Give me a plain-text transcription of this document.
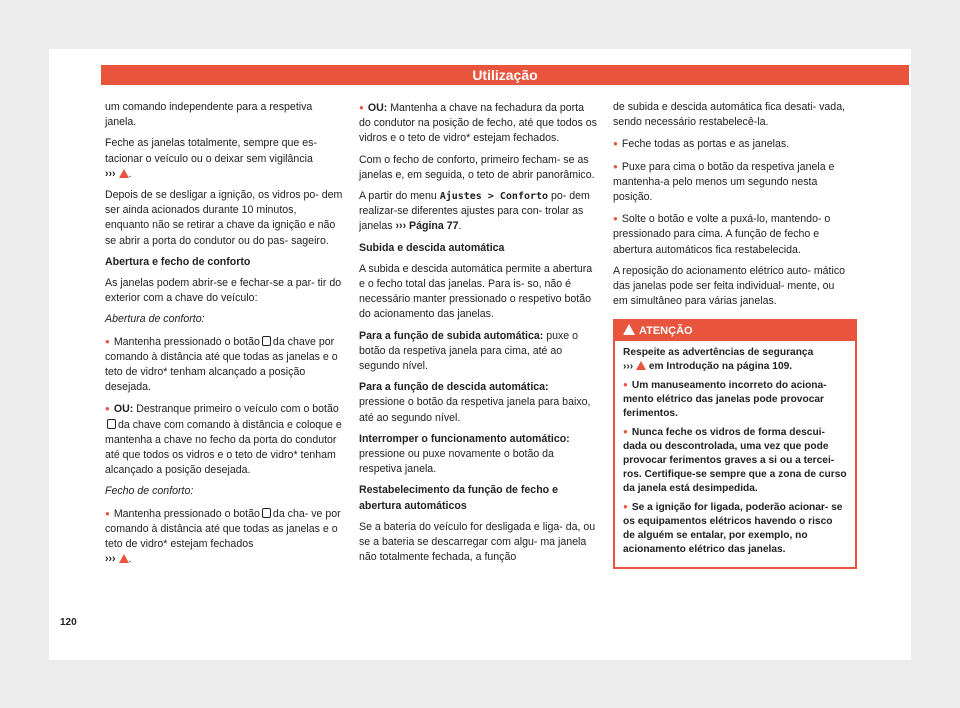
Utilização

um comando independente para a respetiva janela.

Feche as janelas totalmente, sempre que es- tacionar o veículo ou o deixar sem vigilância
››› .

Depois de se desligar a ignição, os vidros po- dem ser ainda acionados durante 10 minutos, enquanto não se retirar a chave da ignição e não se abrir a porta do condutor ou do pas- sageiro.

Abertura e fecho de conforto

As janelas podem abrir-se e fechar-se a par- tir do exterior com a chave do veículo:

Abertura de conforto:

● Mantenha pressionado o botão da chave por comando à distância até que todas as janelas e o teto de vidro* tenham alcançado a posição desejada.

● OU: Destranque primeiro o veículo com o botãoda chave com comando à distância e coloque e mantenha a chave no fecho da porta do condutor até que todos os vidros e o teto de vidro* tenham alcançado a posição desejada.

Fecho de conforto:

● Mantenha pressionado o botão da cha- ve por comando à distância até que todas as janelas e o teto de vidro* estejam fechados
››› .

● OU: Mantenha a chave na fechadura da porta do condutor na posição de fecho, até que todos os vidros e o teto de vidro* estejam fechados.

Com o fecho de conforto, primeiro fecham- se as janelas e, em seguida, o teto de abrir panorâmico.

A partir do menu Ajustes > Conforto po- dem realizar-se diferentes ajustes para con- trolar as janelas ››› Página 77.

Subida e descida automática

A subida e descida automática permite a abertura e o fecho total das janelas. Para is- so, não é necessário manter pressionado o respetivo botão do acionamento das janelas.

Para a função de subida automática: puxe o botão da respetiva janela para cima, até ao segundo nível.

Para a função de descida automática:
pressione o botão da respetiva janela para baixo, até ao segundo nível.

Interromper o funcionamento automático:
pressione ou puxe novamente o botão da respetiva janela.

Restabelecimento da função de fecho e abertura automáticos

Se a bateria do veículo for desligada e liga- da, ou se a bateria se descarregar com algu- ma janela não totalmente fechada, a função

de subida e descida automática fica desati- vada, sendo necessário restabelecê-la.

● Feche todas as portas e as janelas.

● Puxe para cima o botão da respetiva janela e mantenha-a pelo menos um segundo nesta posição.

● Solte o botão e volte a puxá-lo, mantendo- o pressionado para cima. A função de fecho e abertura automáticos fica restabelecida.

A reposição do acionamento elétrico auto- mático das janelas pode ser feita individual- mente, ou em simultâneo para várias janelas.

ATENÇÃO

Respeite as advertências de segurança
››› em Introdução na página 109.

● Um manuseamento incorreto do aciona- mento elétrico das janelas pode provocar ferimentos.

● Nunca feche os vidros de forma descui- dada ou descontrolada, uma vez que pode provocar ferimentos graves a si ou a tercei- ros. Certifique-se sempre que a zona de curso da janela está desimpedida.

● Se a ignição for ligada, poderão acionar- se os equipamentos elétricos havendo o risco de alguém se entalar, por exemplo, no acionamento elétrico das janelas.

120
